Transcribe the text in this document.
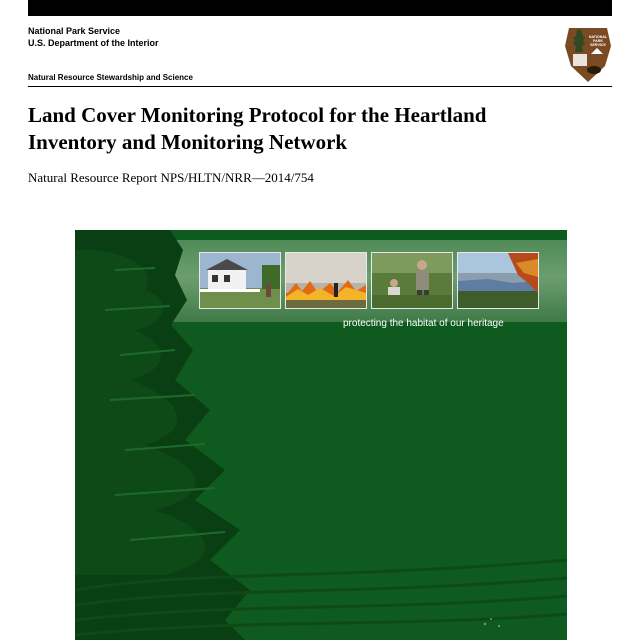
National Park Service
U.S. Department of the Interior
NATIONAL
PARK
SERVICE
Natural Resource Stewardship and Science
Land Cover Monitoring Protocol for the Heartland
Inventory and Monitoring Network
Natural Resource Report NPS/HLTN/NRR—2014/754
protecting the habitat of our heritage
